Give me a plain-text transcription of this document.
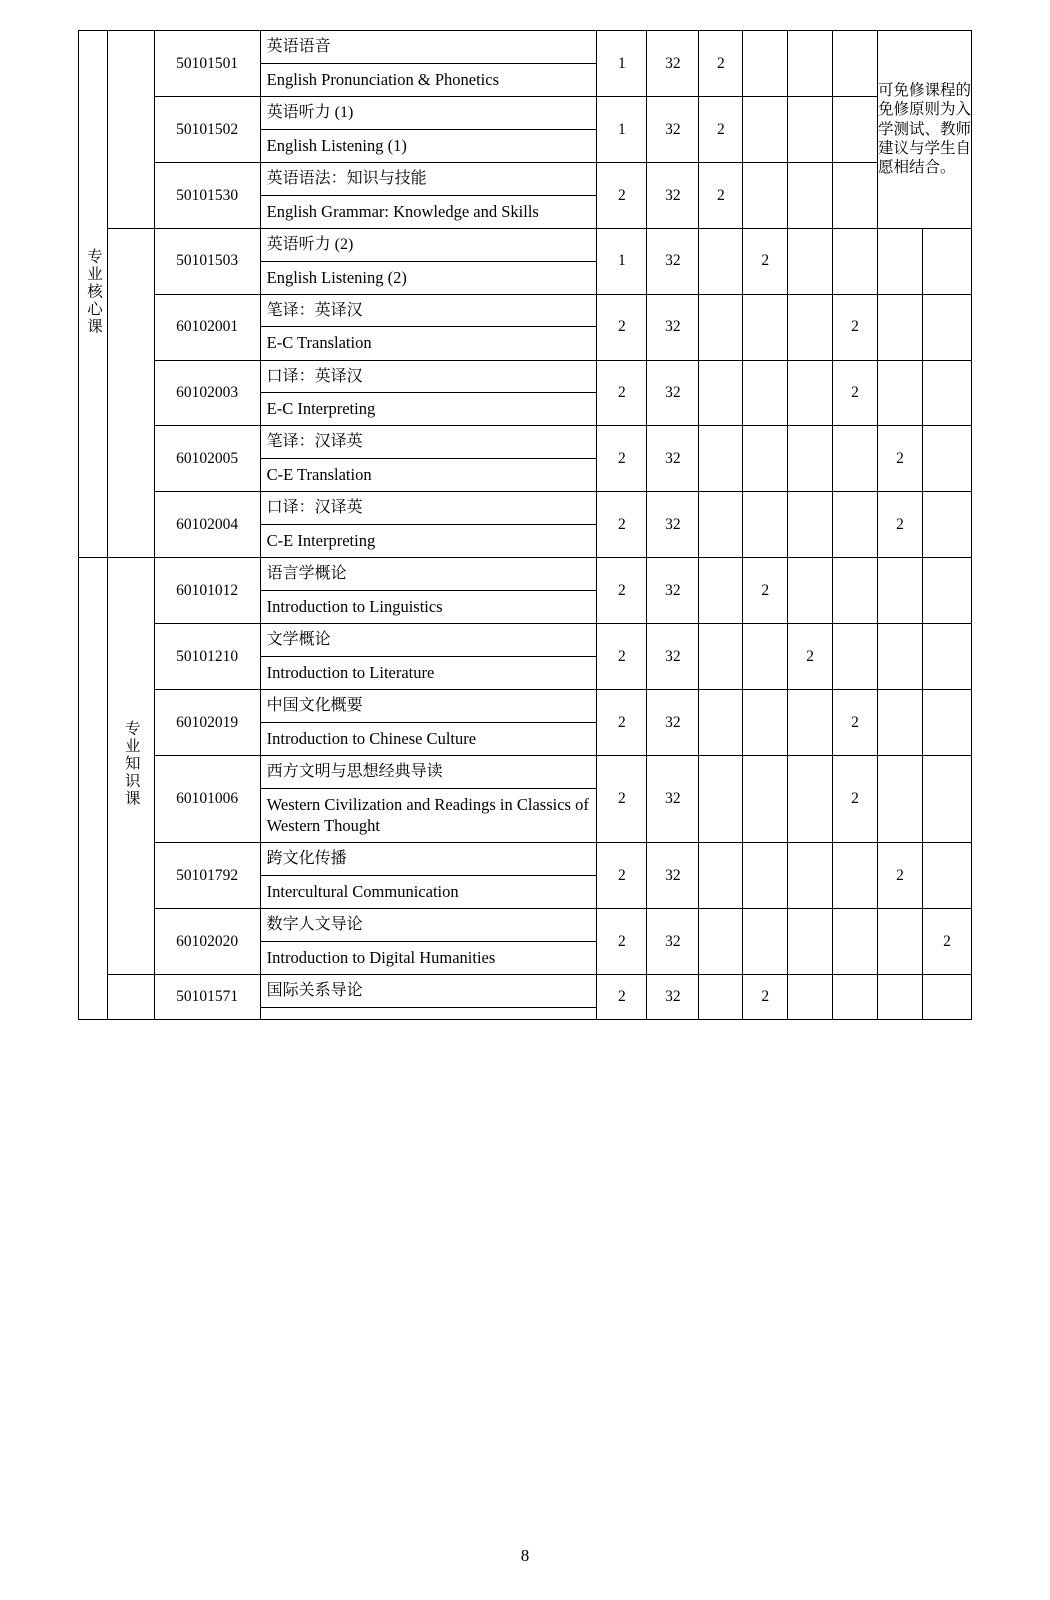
专业核心课		50101501	英语语音
English Pronunciation & Phonetics	1	32	2				可免修课程的免修原则为入学测试、教师建议与学生自愿相结合。	
		50101502	英语听力 (1)
English Listening (1)	1	32	2					
		50101530	英语语法：知识与技能
English Grammar: Knowledge and Skills	2	32	2					
		50101503	英语听力 (2)
English Listening (2)	1	32		2				
		60102001	笔译：英译汉
E-C Translation	2	32				2		
		60102003	口译：英译汉
E-C Interpreting	2	32				2		
		60102005	笔译：汉译英
C-E Translation	2	32					2	
		60102004	口译：汉译英
C-E Interpreting	2	32					2	
	专业知识课	60101012	语言学概论
Introduction to Linguistics	2	32		2				
		50101210	文学概论
Introduction to Literature	2	32			2			
		60102019	中国文化概要
Introduction to Chinese Culture	2	32				2		
		60101006	西方文明与思想经典导读
Western Civilization and Readings in Classics of Western Thought	2	32				2		
		50101792	跨文化传播
Intercultural Communication	2	32					2	
		60102020	数字人文导论
Introduction to Digital Humanities	2	32						2
		50101571	国际关系导论	2	32		2				
8
